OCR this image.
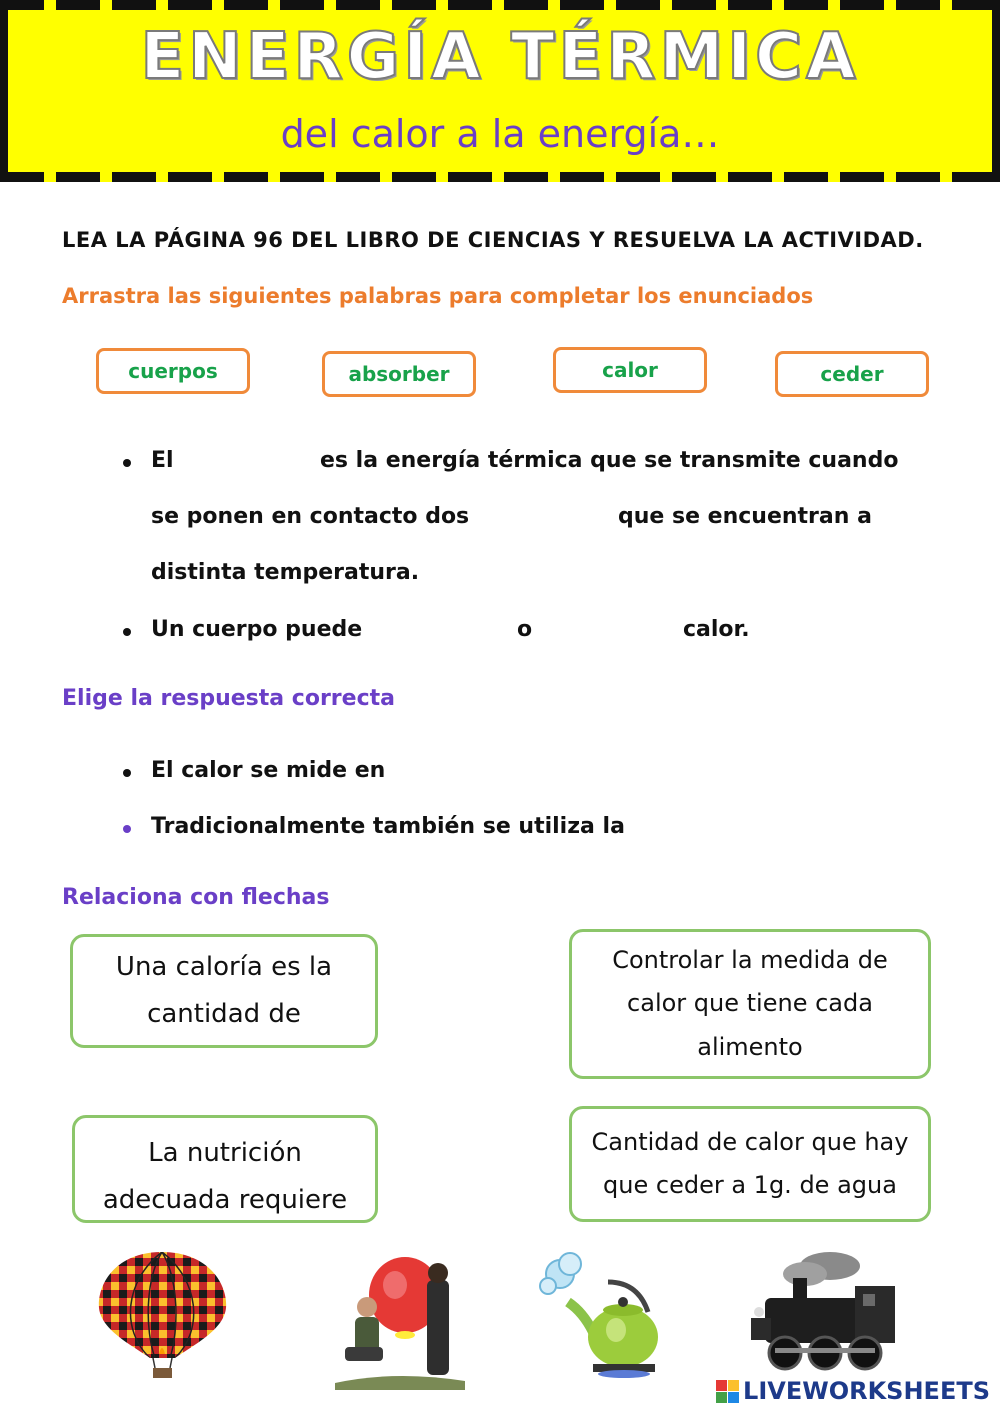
ENERGÍA TÉRMICA
del calor a la energía…
LEA LA PÁGINA 96 DEL LIBRO DE CIENCIAS Y RESUELVA LA ACTIVIDAD.
Arrastra las siguientes palabras para completar los enunciados
cuerpos	absorber	calor	ceder
El	es la energía térmica que se transmite cuando
se ponen en contacto dos	que se encuentran a
distinta temperatura.
Un cuerpo puede	o	calor.
Elige la respuesta correcta
El calor se mide en
Tradicionalmente también se utiliza la
Relaciona con flechas
Una caloría es la
cantidad de
La nutrición
adecuada requiere
Controlar la medida de
calor que tiene cada
alimento
Cantidad de calor que hay
que ceder a 1g. de agua
LIVEWORKSHEETS
